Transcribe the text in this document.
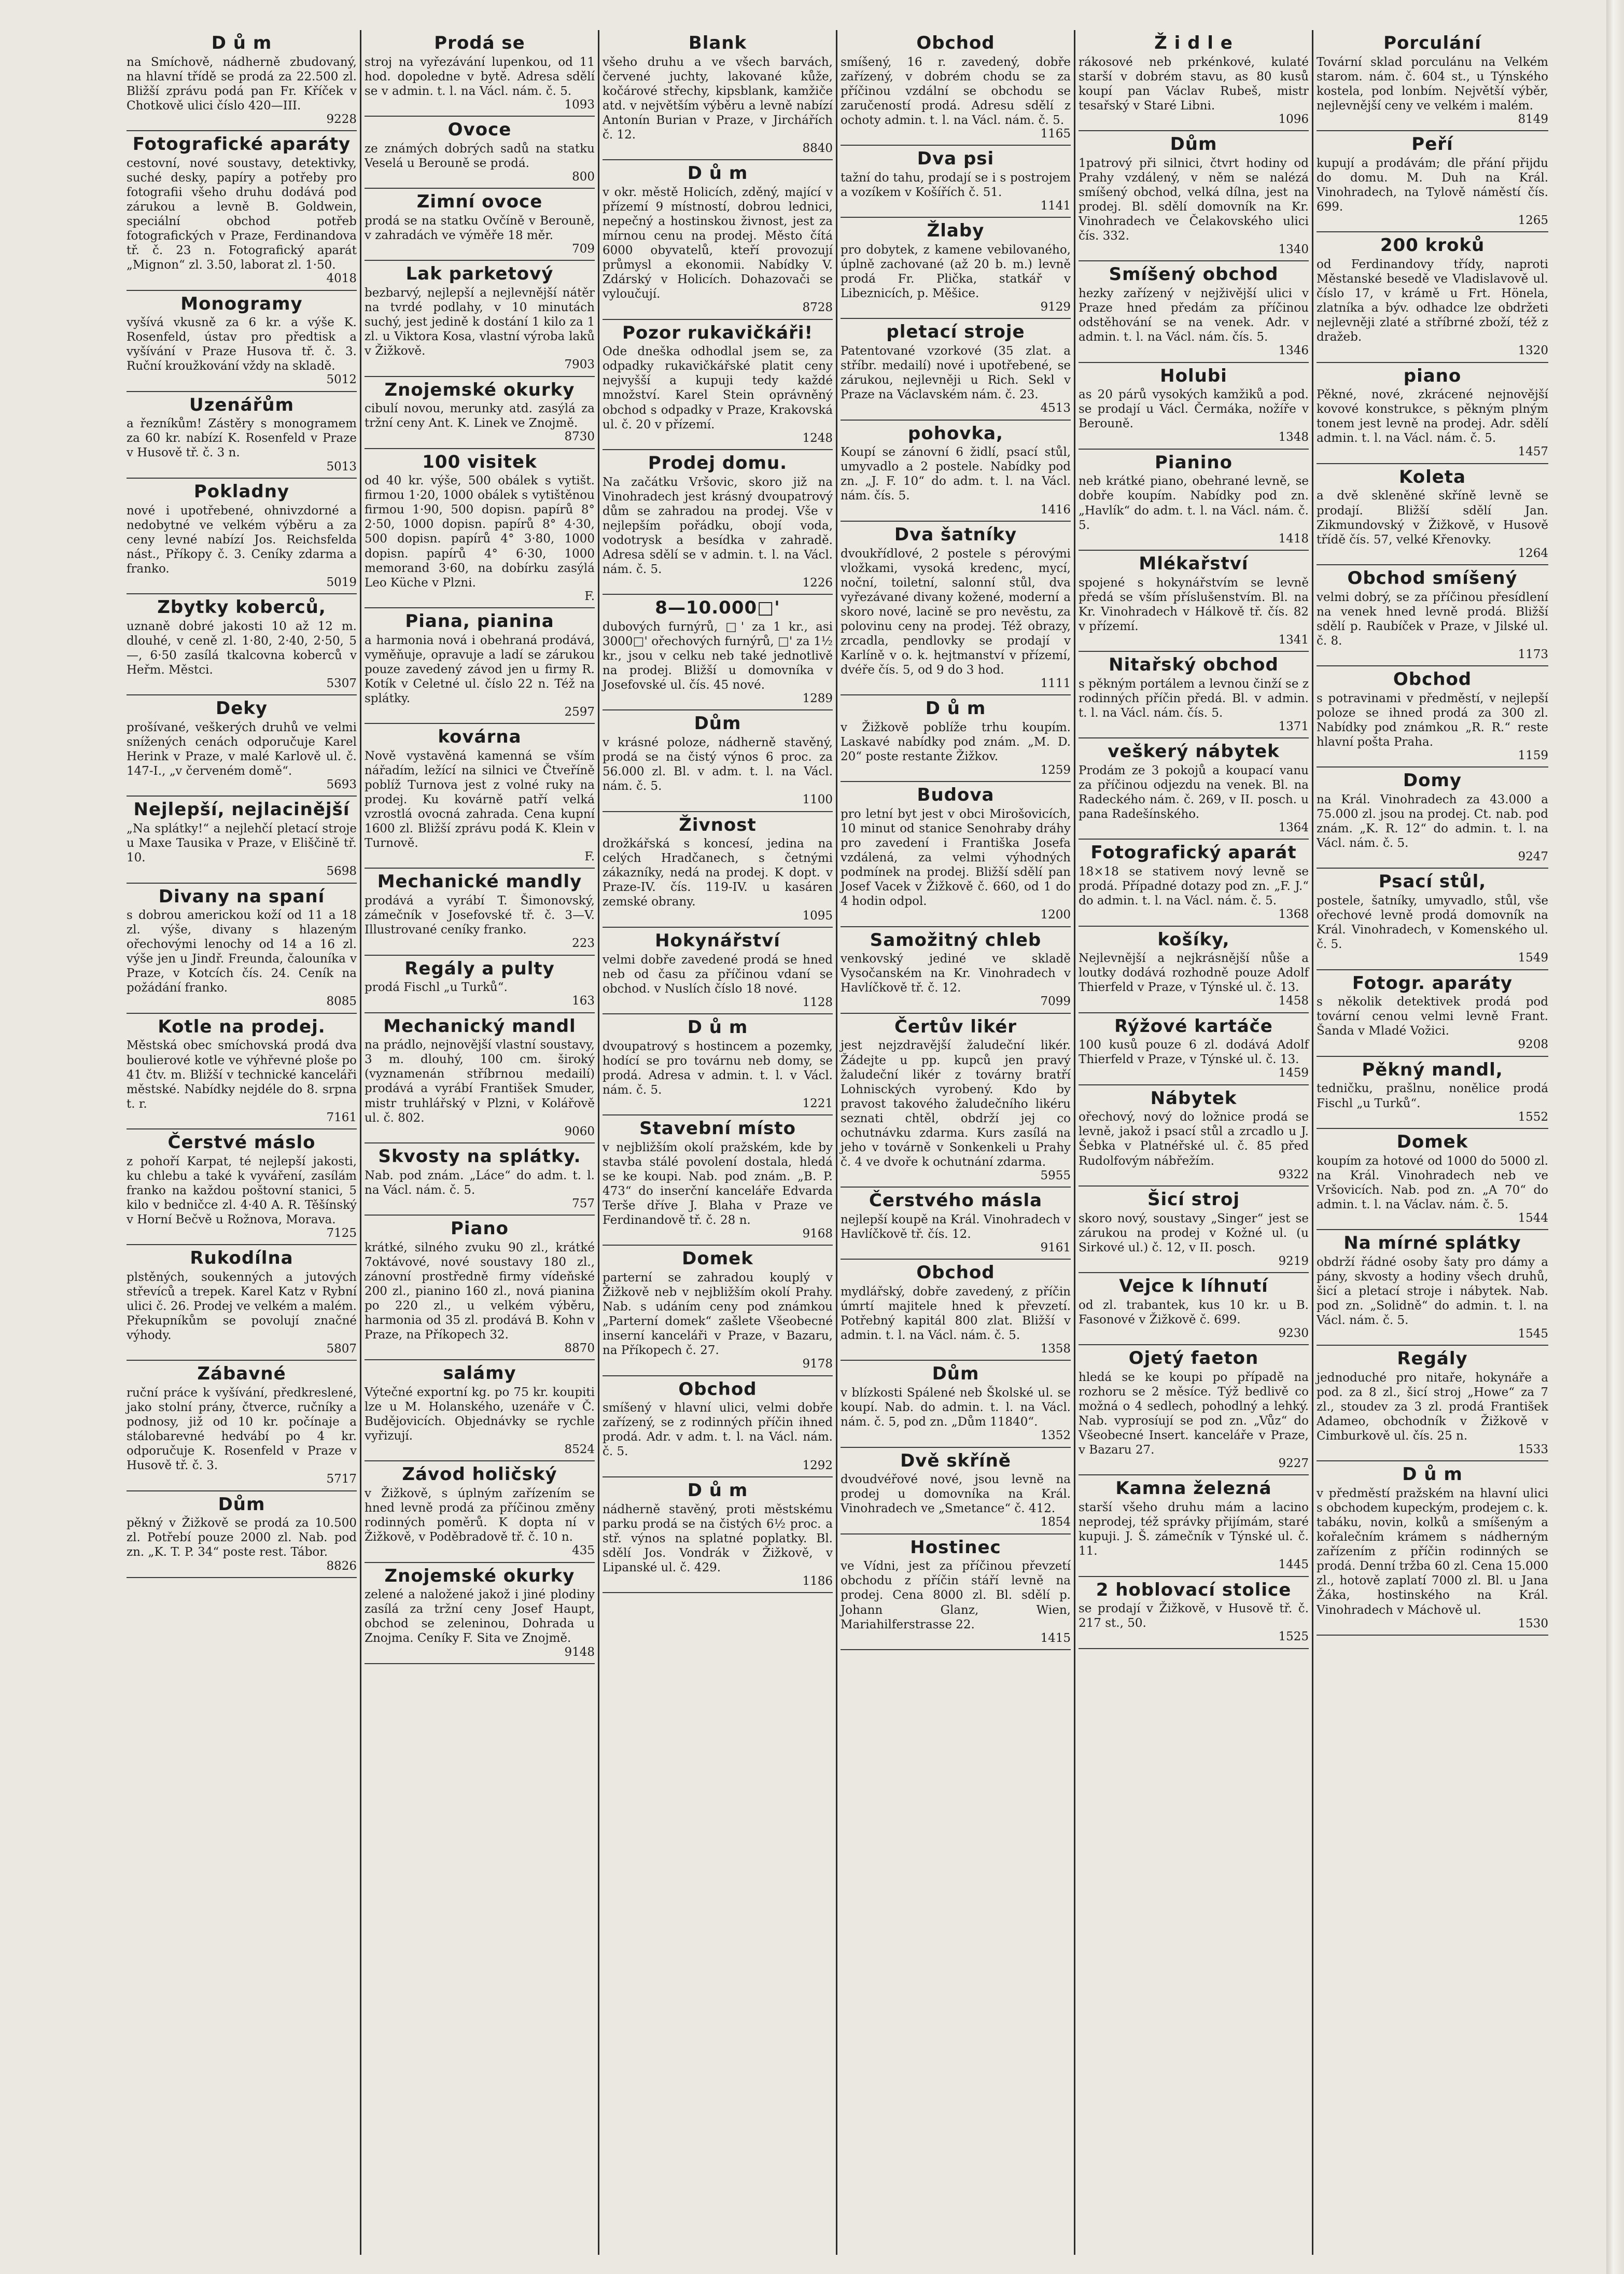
D ů m

na Smíchově, nádherně zbudovaný, na hlavní třídě se prodá za 22.500 zl. Bližší zprávu podá pan Fr. Kříček v Chotkově ulici číslo 420—III.

9228

Fotografické aparáty

cestovní, nové soustavy, detektivky, suché desky, papíry a potřeby pro fotografii všeho druhu dodává pod zárukou a levně B. Goldwein, speciální obchod potřeb fotografických v Praze, Ferdinandova tř. č. 23 n. Fotografický aparát „Mignon“ zl. 3.50, laborat zl. 1·50.

4018

Monogramy

vyšívá vkusně za 6 kr. a výše K. Rosenfeld, ústav pro předtisk a vyšívání v Praze Husova tř. č. 3. Ruční kroužkování vždy na skladě.

5012

Uzenářům

a řezníkům! Zástěry s monogramem za 60 kr. nabízí K. Rosenfeld v Praze v Husově tř. č. 3 n.

5013

Pokladny

nové i upotřebené, ohnivzdorné a nedobytné ve velkém výběru a za ceny levné nabízí Jos. Reichsfelda nást., Příkopy č. 3. Ceníky zdarma a franko.

5019

Zbytky koberců,

uznaně dobré jakosti 10 až 12 m. dlouhé, v ceně zl. 1·80, 2·40, 2·50, 5—, 6·50 zasílá tkalcovna koberců v Heřm. Městci.

5307

Deky

prošívané, veškerých druhů ve velmi snížených cenách odporučuje Karel Herink v Praze, v malé Karlově ul. č. 147-I., „v červeném domě“.

5693

Nejlepší, nejlacinější

„Na splátky!“ a nejlehčí pletací stroje u Maxe Tausika v Praze, v Eliščině tř. 10.

5698

Divany na spaní

s dobrou americkou koží od 11 a 18 zl. výše, divany s hlazeným ořechovými lenochy od 14 a 16 zl. výše jen u Jindř. Freunda, čalouníka v Praze, v Kotcích čís. 24. Ceník na požádání franko.

8085

Kotle na prodej.

Městská obec smíchovská prodá dva boulierové kotle ve výhřevné ploše po 41 čtv. m. Bližší v technické kanceláři městské. Nabídky nejdéle do 8. srpna t. r.

7161

Čerstvé máslo

z pohoří Karpat, té nejlepší jakosti, ku chlebu a také k vyváření, zasílám franko na každou poštovní stanici, 5 kilo v bedničce zl. 4·40 A. R. Těšínský v Horní Bečvě u Rožnova, Morava.

7125

Rukodílna

plstěných, soukenných a jutových střevíců a trepek. Karel Katz v Rybní ulici č. 26. Prodej ve velkém a malém. Překupníkům se povolují značné výhody.

5807

Zábavné

ruční práce k vyšívání, předkreslené, jako stolní prány, čtverce, ručníky a podnosy, již od 10 kr. počínaje a stálobarevné hedvábí po 4 kr. odporučuje K. Rosenfeld v Praze v Husově tř. č. 3.

5717

Dům

pěkný v Žižkově se prodá za 10.500 zl. Potřebí pouze 2000 zl. Nab. pod zn. „K. T. P. 34“ poste rest. Tábor.

8826

Prodá se

stroj na vyřezávání lupenkou, od 11 hod. dopoledne v bytě. Adresa sdělí se v admin. t. l. na Václ. nám. č. 5.

1093

Ovoce

ze známých dobrých sadů na statku Veselá u Berouně se prodá.

800

Zimní ovoce

prodá se na statku Ovčíně v Berouně, v zahradách ve výměře 18 měr.

709

Lak parketový

bezbarvý, nejlepší a nejlevnější nátěr na tvrdé podlahy, v 10 minutách suchý, jest jedině k dostání 1 kilo za 1 zl. u Viktora Kosa, vlastní výroba laků v Žižkově.

7903

Znojemské okurky

cibulí novou, merunky atd. zasýlá za tržní ceny Ant. K. Linek ve Znojmě.

8730

100 visitek

od 40 kr. výše, 500 obálek s vytišt. firmou 1·20, 1000 obálek s vytištěnou firmou 1·90, 500 dopisn. papírů 8° 2·50, 1000 dopisn. papírů 8° 4·30, 500 dopisn. papírů 4° 3·80, 1000 dopisn. papírů 4° 6·30, 1000 memorand 3·60, na dobírku zasýlá Leo Küche v Plzni.

F.

Piana, pianina

a harmonia nová i obehraná prodává, vyměňuje, opravuje a ladí se zárukou pouze zavedený závod jen u firmy R. Kotík v Celetné ul. číslo 22 n. Též na splátky.

2597

kovárna

Nově vystavěná kamenná se vším nářadím, ležící na silnici ve Čtveříně poblíž Turnova jest z volné ruky na prodej. Ku kovárně patří velká vzrostlá ovocná zahrada. Cena kupní 1600 zl. Bližší zprávu podá K. Klein v Turnově.

F.

Mechanické mandly

prodává a vyrábí T. Šimonovský, zámečník v Josefovské tř. č. 3—V. Illustrované ceníky franko.

223

Regály a pulty

prodá Fischl „u Turků“.

163

Mechanický mandl

na prádlo, nejnovější vlastní soustavy, 3 m. dlouhý, 100 cm. široký (vyznamenán stříbrnou medailí) prodává a vyrábí František Smuder, mistr truhlářský v Plzni, v Kolářově ul. č. 802.

9060

Skvosty na splátky.

Nab. pod znám. „Láce“ do adm. t. l. na Václ. nám. č. 5.

757

Piano

krátké, silného zvuku 90 zl., krátké 7oktávové, nové soustavy 180 zl., zánovní prostředně firmy vídeňské 200 zl., pianino 160 zl., nová pianina po 220 zl., u velkém výběru, harmonia od 35 zl. prodává B. Kohn v Praze, na Příkopech 32.

8870

salámy

Výtečné exportní kg. po 75 kr. koupiti lze u M. Holanského, uzenáře v Č. Budějovicích. Objednávky se rychle vyřizují.

8524

Závod holičský

v Žižkově, s úplným zařízením se hned levně prodá za příčinou změny rodinných poměrů. K dopta ní v Žižkově, v Poděbradově tř. č. 10 n.

435

Znojemské okurky

zelené a naložené jakož i jiné plodiny zasílá za tržní ceny Josef Haupt, obchod se zeleninou, Dohrada u Znojma. Ceníky F. Sita ve Znojmě.

9148

Blank

všeho druhu a ve všech barvách, červené juchty, lakované kůže, kočárové střechy, kipsblank, kamžiče atd. v největším výběru a levně nabízí Antonín Burian v Praze, v Jirchářích č. 12.

8840

D ů m

v okr. městě Holicích, zděný, mající v přízemí 9 místností, dobrou lednici, nepečný a hostinskou živnost, jest za mírnou cenu na prodej. Město čítá 6000 obyvatelů, kteří provozují průmysl a ekonomii. Nabídky V. Zdárský v Holicích. Dohazovači se vyloučují.

8728

Pozor rukavičkáři!

Ode dneška odhodlal jsem se, za odpadky rukavičkářské platit ceny nejvyšší a kupuji tedy každé množství. Karel Stein oprávněný obchod s odpadky v Praze, Krakovská ul. č. 20 v přízemí.

1248

Prodej domu.

Na začátku Vršovic, skoro již na Vinohradech jest krásný dvoupatrový dům se zahradou na prodej. Vše v nejlepším pořádku, obojí voda, vodotrysk a besídka v zahradě. Adresa sdělí se v admin. t. l. na Václ. nám. č. 5.

1226

8—10.000□'

dubových furnýrů, □' za 1 kr., asi 3000□' ořechových furnýrů, □' za 1½ kr., jsou v celku neb také jednotlivě na prodej. Bližší u domovníka v Josefovské ul. čís. 45 nové.

1289

Dům

v krásné poloze, nádherně stavěný, prodá se na čistý výnos 6 proc. za 56.000 zl. Bl. v adm. t. l. na Václ. nám. č. 5.

1100

Živnost

drožkářská s koncesí, jedina na celých Hradčanech, s četnými zákazníky, nedá na prodej. K dopt. v Praze-IV. čís. 119-IV. u kasáren zemské obrany.

1095

Hokynářství

velmi dobře zavedené prodá se hned neb od času za příčinou vdaní se obchod. v Nuslích číslo 18 nové.

1128

D ů m

dvoupatrový s hostincem a pozemky, hodící se pro továrnu neb domy, se prodá. Adresa v admin. t. l. v Václ. nám. č. 5.

1221

Stavební místo

v nejbližším okolí pražském, kde by stavba stálé povolení dostala, hledá se ke koupi. Nab. pod znám. „B. P. 473“ do inserční kanceláře Edvarda Terše dříve J. Blaha v Praze ve Ferdinandově tř. č. 28 n.

9168

Domek

parterní se zahradou kouplý v Žižkově neb v nejbližším okolí Prahy. Nab. s udáním ceny pod známkou „Parterní domek“ zašlete Všeobecné inserní kanceláři v Praze, v Bazaru, na Příkopech č. 27.

9178

Obchod

smíšený v hlavní ulici, velmi dobře zařízený, se z rodinných příčin ihned prodá. Adr. v adm. t. l. na Václ. nám. č. 5.

1292

D ů m

nádherně stavěný, proti městskému parku prodá se na čistých 6½ proc. a stř. výnos na splatné poplatky. Bl. sdělí Jos. Vondrák v Žižkově, v Lipanské ul. č. 429.

1186

Obchod

smíšený, 16 r. zavedený, dobře zařízený, v dobrém chodu se za příčinou vzdální se obchodu se zaručeností prodá. Adresu sdělí z ochoty admin. t. l. na Václ. nám. č. 5.

1165

Dva psi

tažní do tahu, prodají se i s postrojem a vozíkem v Košířích č. 51.

1141

Žlaby

pro dobytek, z kamene vebilovaného, úplně zachované (až 20 b. m.) levně prodá Fr. Plička, statkář v Libeznicích, p. Měšice.

9129

pletací stroje

Patentované vzorkové (35 zlat. a stříbr. medailí) nové i upotřebené, se zárukou, nejlevněji u Rich. Sekl v Praze na Václavském nám. č. 23.

4513

pohovka,

Koupí se zánovní 6 židlí, psací stůl, umyvadlo a 2 postele. Nabídky pod zn. „J. F. 10“ do adm. t. l. na Václ. nám. čís. 5.

1416

Dva šatníky

dvoukřídlové, 2 postele s pérovými vložkami, vysoká kredenc, mycí, noční, toiletní, salonní stůl, dva vyřezávané divany kožené, moderní a skoro nové, lacině se pro nevěstu, za polovinu ceny na prodej. Též obrazy, zrcadla, pendlovky se prodají v Karlíně v o. k. hejtmanství v přízemí, dvéře čís. 5, od 9 do 3 hod.

1111

D ů m

v Žižkově poblíže trhu koupím. Laskavé nabídky pod znám. „M. D. 20“ poste restante Žižkov.

1259

Budova

pro letní byt jest v obci Mirošovicích, 10 minut od stanice Senohraby dráhy pro zavedení i Františka Josefa vzdálená, za velmi výhodných podmínek na prodej. Bližší sdělí pan Josef Vacek v Žižkově č. 660, od 1 do 4 hodin odpol.

1200

Samožitný chleb

venkovský jediné ve skladě Vysočanském na Kr. Vinohradech v Havlíčkově tř. č. 12.

7099

Čertův likér

jest nejzdravější žaludeční likér. Žádejte u pp. kupců jen pravý žaludeční likér z továrny bratří Lohnisckých vyrobený. Kdo by pravost takového žaludečního likéru seznati chtěl, obdrží jej co ochutnávku zdarma. Kurs zasílá na jeho v továrně v Sonkenkeli u Prahy č. 4 ve dvoře k ochutnání zdarma.

5955

Čerstvého másla

nejlepší koupě na Král. Vinohradech v Havlíčkově tř. čís. 12.

9161

Obchod

mydlářský, dobře zavedený, z příčin úmrtí majitele hned k převzetí. Potřebný kapitál 800 zlat. Bližší v admin. t. l. na Václ. nám. č. 5.

1358

Dům

v blízkosti Spálené neb Školské ul. se koupí. Nab. do admin. t. l. na Václ. nám. č. 5, pod zn. „Dům 11840“.

1352

Dvě skříně

dvoudvéřové nové, jsou levně na prodej u domovníka na Král. Vinohradech ve „Smetance“ č. 412.

1854

Hostinec

ve Vídni, jest za příčinou převzetí obchodu z příčin stáří levně na prodej. Cena 8000 zl. Bl. sdělí p. Johann Glanz, Wien, Mariahilferstrasse 22.

1415

Ž i d l e

rákosové neb prkénkové, kulaté starší v dobrém stavu, as 80 kusů koupí pan Václav Rubeš, mistr tesařský v Staré Libni.

1096

Dům

1patrový při silnici, čtvrt hodiny od Prahy vzdálený, v něm se nalézá smíšený obchod, velká dílna, jest na prodej. Bl. sdělí domovník na Kr. Vinohradech ve Čelakovského ulici čís. 332.

1340

Smíšený obchod

hezky zařízený v nejživější ulici v Praze hned předám za příčinou odstěhování se na venek. Adr. v admin. t. l. na Václ. nám. čís. 5.

1346

Holubi

as 20 párů vysokých kamžiků a pod. se prodají u Václ. Čermáka, nožíře v Berouně.

1348

Pianino

neb krátké piano, obehrané levně, se dobře koupím. Nabídky pod zn. „Havlík“ do adm. t. l. na Václ. nám. č. 5.

1418

Mlékařství

spojené s hokynářstvím se levně předá se vším příslušenstvím. Bl. na Kr. Vinohradech v Hálkově tř. čís. 82 v přízemí.

1341

Nitařský obchod

s pěkným portálem a levnou činží se z rodinných příčin předá. Bl. v admin. t. l. na Václ. nám. čís. 5.

1371

veškerý nábytek

Prodám ze 3 pokojů a koupací vanu za příčinou odjezdu na venek. Bl. na Radeckého nám. č. 269, v II. posch. u pana Radešínského.

1364

Fotografický aparát

18×18 se stativem nový levně se prodá. Případné dotazy pod zn. „F. J.“ do admin. t. l. na Václ. nám. č. 5.

1368

košíky,

Nejlevnější a nejkrásnější nůše a loutky dodává rozhodně pouze Adolf Thierfeld v Praze, v Týnské ul. č. 13.

1458

Rýžové kartáče

100 kusů pouze 6 zl. dodává Adolf Thierfeld v Praze, v Týnské ul. č. 13.

1459

Nábytek

ořechový, nový do ložnice prodá se levně, jakož i psací stůl a zrcadlo u J. Šebka v Platnéřské ul. č. 85 před Rudolfovým nábřežím.

9322

Šicí stroj

skoro nový, soustavy „Singer“ jest se zárukou na prodej v Kožné ul. (u Sirkové ul.) č. 12, v II. posch.

9219

Vejce k líhnutí

od zl. trabantek, kus 10 kr. u B. Fasonové v Žižkově č. 699.

9230

Ojetý faeton

hledá se ke koupi po případě na rozhoru se 2 měsíce. Týž bedlivě co možná o 4 sedlech, pohodlný a lehký. Nab. vyprosíují se pod zn. „Vůz“ do Všeobecné Insert. kanceláře v Praze, v Bazaru 27.

9227

Kamna železná

starší všeho druhu mám a lacino neprodej, též správky přijímám, staré kupuji. J. Š. zámečník v Týnské ul. č. 11.

1445

2 hoblovací stolice

se prodají v Žižkově, v Husově tř. č. 217 st., 50.

1525

Porculání

Tovární sklad porculánu na Velkém starom. nám. č. 604 st., u Týnského kostela, pod lonbím. Největší výběr, nejlevnější ceny ve velkém i malém.

8149

Peří

kupují a prodávám; dle přání přijdu do domu. M. Duh na Král. Vinohradech, na Tylově náměstí čís. 699.

1265

200 kroků

od Ferdinandovy třídy, naproti Městanské besedě ve Vladislavově ul. číslo 17, v krámě u Frt. Hönela, zlatníka a býv. odhadce lze obdržeti nejlevněji zlaté a stříbrné zboží, též z dražeb.

1320

piano

Pěkné, nové, zkrácené nejnovější kovové konstrukce, s pěkným plným tonem jest levně na prodej. Adr. sdělí admin. t. l. na Václ. nám. č. 5.

1457

Koleta

a dvě skleněné skříně levně se prodají. Bližší sdělí Jan. Zikmundovský v Žižkově, v Husově třídě čís. 57, velké Křenovky.

1264

Obchod smíšený

velmi dobrý, se za příčinou přesídlení na venek hned levně prodá. Bližší sdělí p. Raubíček v Praze, v Jilské ul. č. 8.

1173

Obchod

s potravinami v předměstí, v nejlepší poloze se ihned prodá za 300 zl. Nabídky pod známkou „R. R.“ reste hlavní pošta Praha.

1159

Domy

na Král. Vinohradech za 43.000 a 75.000 zl. jsou na prodej. Ct. nab. pod znám. „K. R. 12“ do admin. t. l. na Václ. nám. č. 5.

9247

Psací stůl,

postele, šatníky, umyvadlo, stůl, vše ořechové levně prodá domovník na Král. Vinohradech, v Komenského ul. č. 5.

1549

Fotogr. aparáty

s několik detektivek prodá pod tovární cenou velmi levně Frant. Šanda v Mladé Vožici.

9208

Pěkný mandl,

tedničku, prašlnu, nonělice prodá Fischl „u Turků“.

1552

Domek

koupím za hotové od 1000 do 5000 zl. na Král. Vinohradech neb ve Vršovicích. Nab. pod zn. „A 70“ do admin. t. l. na Václav. nám. č. 5.

1544

Na mírné splátky

obdrží řádné osoby šaty pro dámy a pány, skvosty a hodiny všech druhů, šicí a pletací stroje i nábytek. Nab. pod zn. „Solidně“ do admin. t. l. na Václ. nám. č. 5.

1545

Regály

jednoduché pro nitaře, hokynáře a pod. za 8 zl., šicí stroj „Howe“ za 7 zl., stoudev za 3 zl. prodá František Adameo, obchodník v Žižkově v Cimburkově ul. čís. 25 n.

1533

D ů m

v předměstí pražském na hlavní ulici s obchodem kupeckým, prodejem c. k. tabáku, novin, kolků a smíšeným a kořalečním krámem s nádherným zařízením z příčin rodinných se prodá. Denní tržba 60 zl. Cena 15.000 zl., hotově zaplatí 7000 zl. Bl. u Jana Žáka, hostinského na Král. Vinohradech v Máchově ul.

1530
